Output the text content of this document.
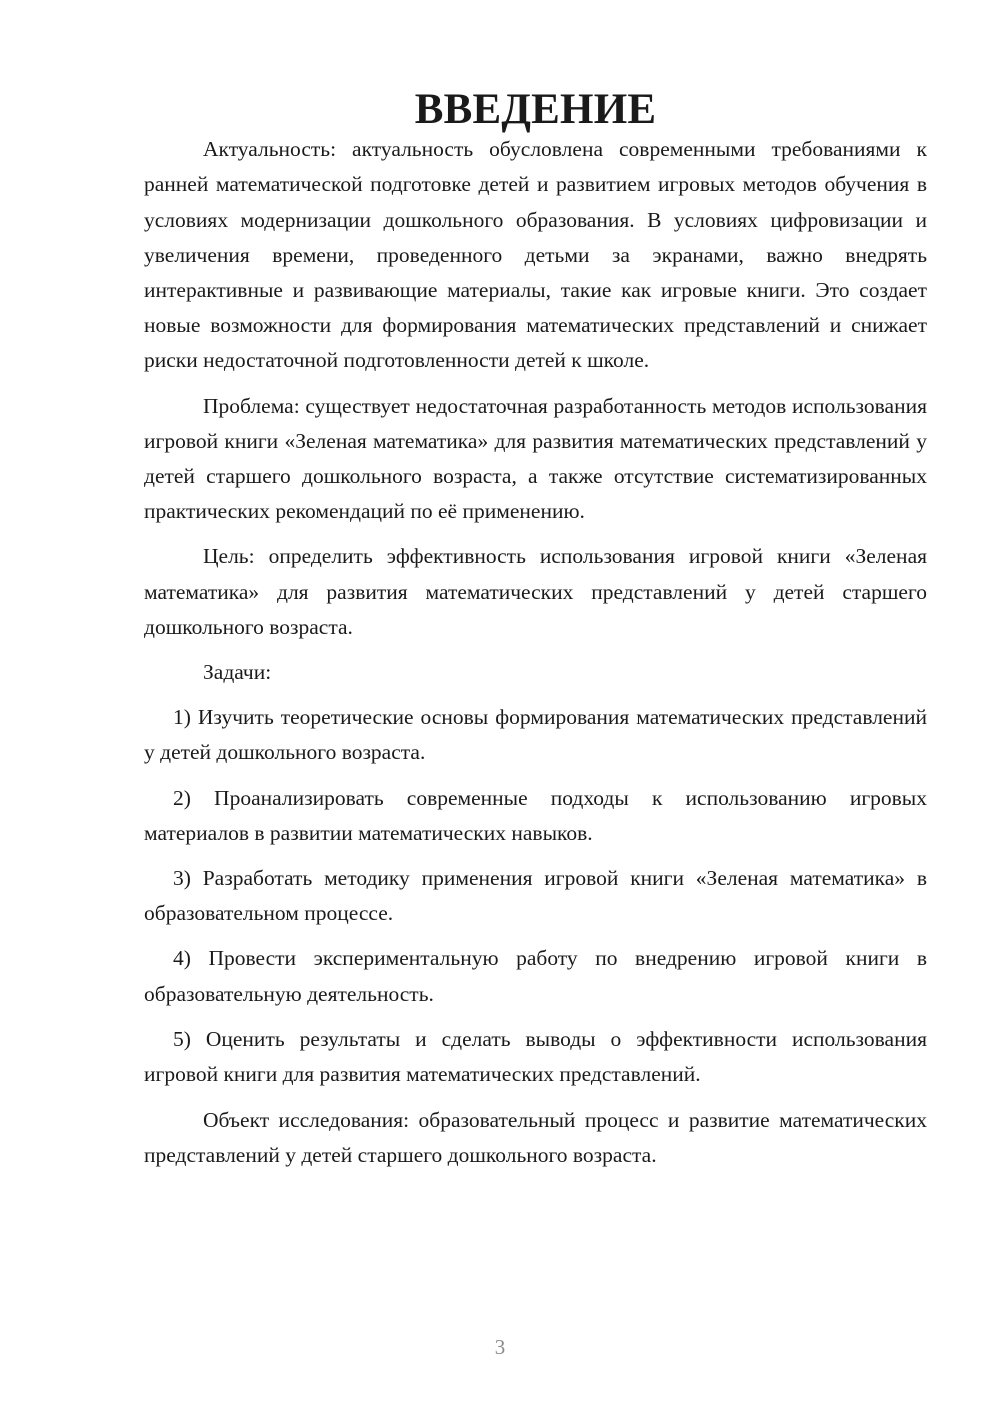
ВВЕДЕНИЕ

Актуальность: актуальность обусловлена современными требованиями к ранней математической подготовке детей и развитием игровых методов обучения в условиях модернизации дошкольного образования. В условиях цифровизации и увеличения времени, проведенного детьми за экранами, важно внедрять интерактивные и развивающие материалы, такие как игровые книги. Это создает новые возможности для формирования математических представлений и снижает риски недостаточной подготовленности детей к школе.

Проблема: существует недостаточная разработанность методов использования игровой книги «Зеленая математика» для развития математических представлений у детей старшего дошкольного возраста, а также отсутствие систематизированных практических рекомендаций по её применению.

Цель: определить эффективность использования игровой книги «Зеленая математика» для развития математических представлений у детей старшего дошкольного возраста.

Задачи:

1) Изучить теоретические основы формирования математических представлений у детей дошкольного возраста.

2) Проанализировать современные подходы к использованию игровых материалов в развитии математических навыков.

3) Разработать методику применения игровой книги «Зеленая математика» в образовательном процессе.

4) Провести экспериментальную работу по внедрению игровой книги в образовательную деятельность.

5) Оценить результаты и сделать выводы о эффективности использования игровой книги для развития математических представлений.

Объект исследования: образовательный процесс и развитие математических представлений у детей старшего дошкольного возраста.

3
